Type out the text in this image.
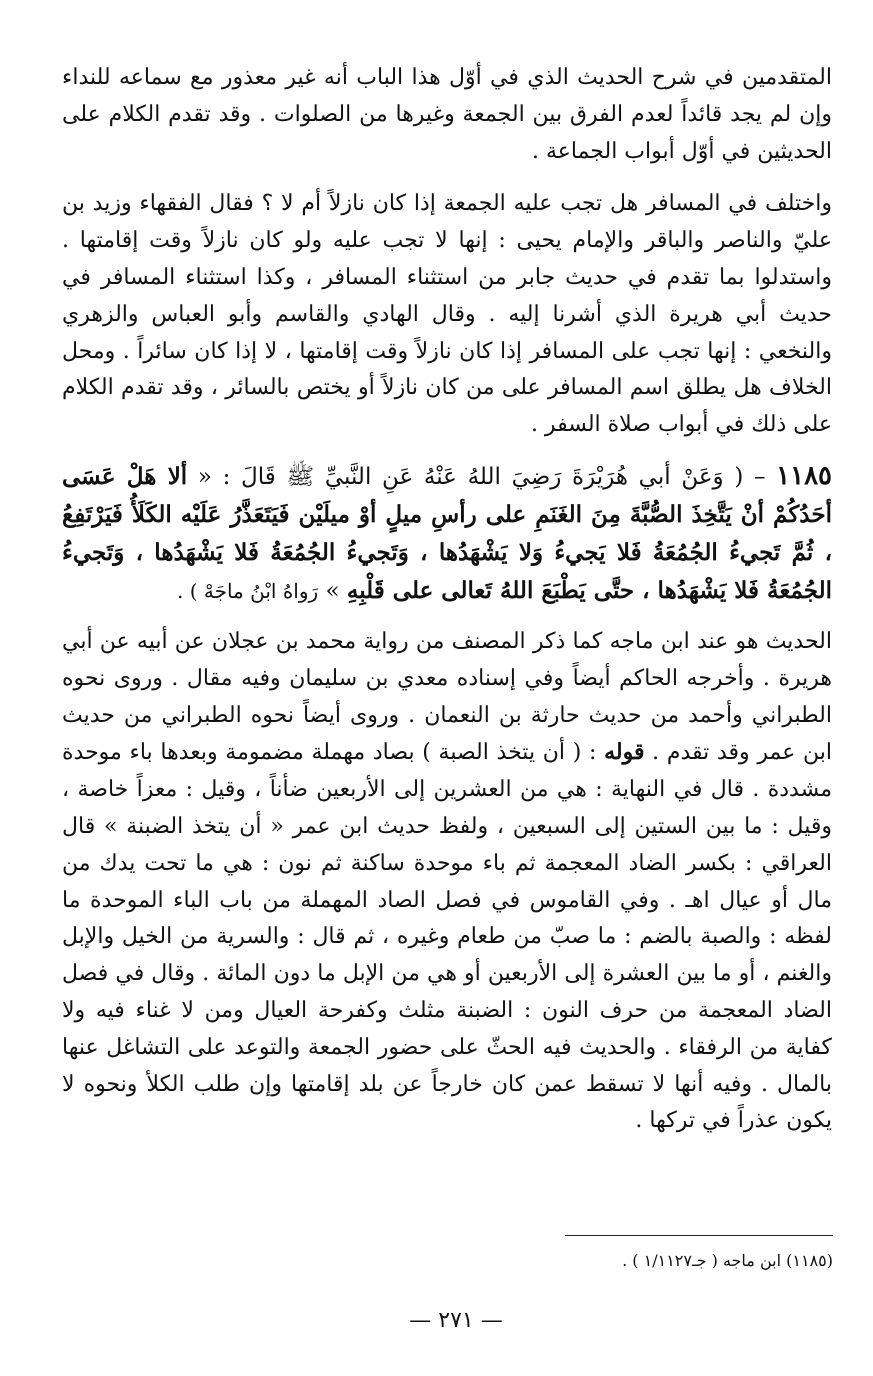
المتقدمين في شرح الحديث الذي في أوّل هذا الباب أنه غير معذور مع سماعه للنداء وإن لم يجد قائداً لعدم الفرق بين الجمعة وغيرها من الصلوات . وقد تقدم الكلام على الحديثين في أوّل أبواب الجماعة .

واختلف في المسافر هل تجب عليه الجمعة إذا كان نازلاً أم لا ؟ فقال الفقهاء وزيد بن عليّ والناصر والباقر والإمام يحيى : إنها لا تجب عليه ولو كان نازلاً وقت إقامتها . واستدلوا بما تقدم في حديث جابر من استثناء المسافر ، وكذا استثناء المسافر في حديث أبي هريرة الذي أشرنا إليه . وقال الهادي والقاسم وأبو العباس والزهري والنخعي : إنها تجب على المسافر إذا كان نازلاً وقت إقامتها ، لا إذا كان سائراً . ومحل الخلاف هل يطلق اسم المسافر على من كان نازلاً أو يختص بالسائر ، وقد تقدم الكلام على ذلك في أبواب صلاة السفر .

١١٨٥ – ( وَعَنْ أبي هُرَيْرَةَ رَضِيَ اللهُ عَنْهُ عَنِ النَّبيِّ ﷺ قَالَ : « ألا هَلْ عَسَى أحَدُكُمْ أنْ يَتَّخِذَ الصُّبَّةَ مِنَ الغَنَمِ على رأسِ ميلٍ أوْ ميلَيْن فَيَتَعَذَّرُ عَلَيْه الكَلَأُ فَيَرْتَفِعُ ، ثُمَّ تَجيءُ الجُمُعَةُ فَلا يَجيءُ وَلا يَشْهَدُها ، وَتَجيءُ الجُمُعَةُ فَلا يَشْهَدُها ، وَتَجيءُ الجُمُعَةُ فَلا يَشْهَدُها ، حتَّى يَطْبَعَ اللهُ تَعالى على قَلْبِهِ » رَواهُ ابْنُ ماجَهْ ) .

الحديث هو عند ابن ماجه كما ذكر المصنف من رواية محمد بن عجلان عن أبيه عن أبي هريرة . وأخرجه الحاكم أيضاً وفي إسناده معدي بن سليمان وفيه مقال . وروى نحوه الطبراني وأحمد من حديث حارثة بن النعمان . وروى أيضاً نحوه الطبراني من حديث ابن عمر وقد تقدم . قوله : ( أن يتخذ الصبة ) بصاد مهملة مضمومة وبعدها باء موحدة مشددة . قال في النهاية : هي من العشرين إلى الأربعين ضأناً ، وقيل : معزاً خاصة ، وقيل : ما بين الستين إلى السبعين ، ولفظ حديث ابن عمر « أن يتخذ الضبنة » قال العراقي : بكسر الضاد المعجمة ثم باء موحدة ساكنة ثم نون : هي ما تحت يدك من مال أو عيال اهـ . وفي القاموس في فصل الصاد المهملة من باب الباء الموحدة ما لفظه : والصبة بالضم : ما صبّ من طعام وغيره ، ثم قال : والسرية من الخيل والإبل والغنم ، أو ما بين العشرة إلى الأربعين أو هي من الإبل ما دون المائة . وقال في فصل الضاد المعجمة من حرف النون : الضبنة مثلث وكفرحة العيال ومن لا غناء فيه ولا كفاية من الرفقاء . والحديث فيه الحثّ على حضور الجمعة والتوعد على التشاغل عنها بالمال . وفيه أنها لا تسقط عمن كان خارجاً عن بلد إقامتها وإن طلب الكلأ ونحوه لا يكون عذراً في تركها .

(١١٨٥) ابن ماجه ( جـ١/١١٢٧ ) .
— ٢٧١ —
